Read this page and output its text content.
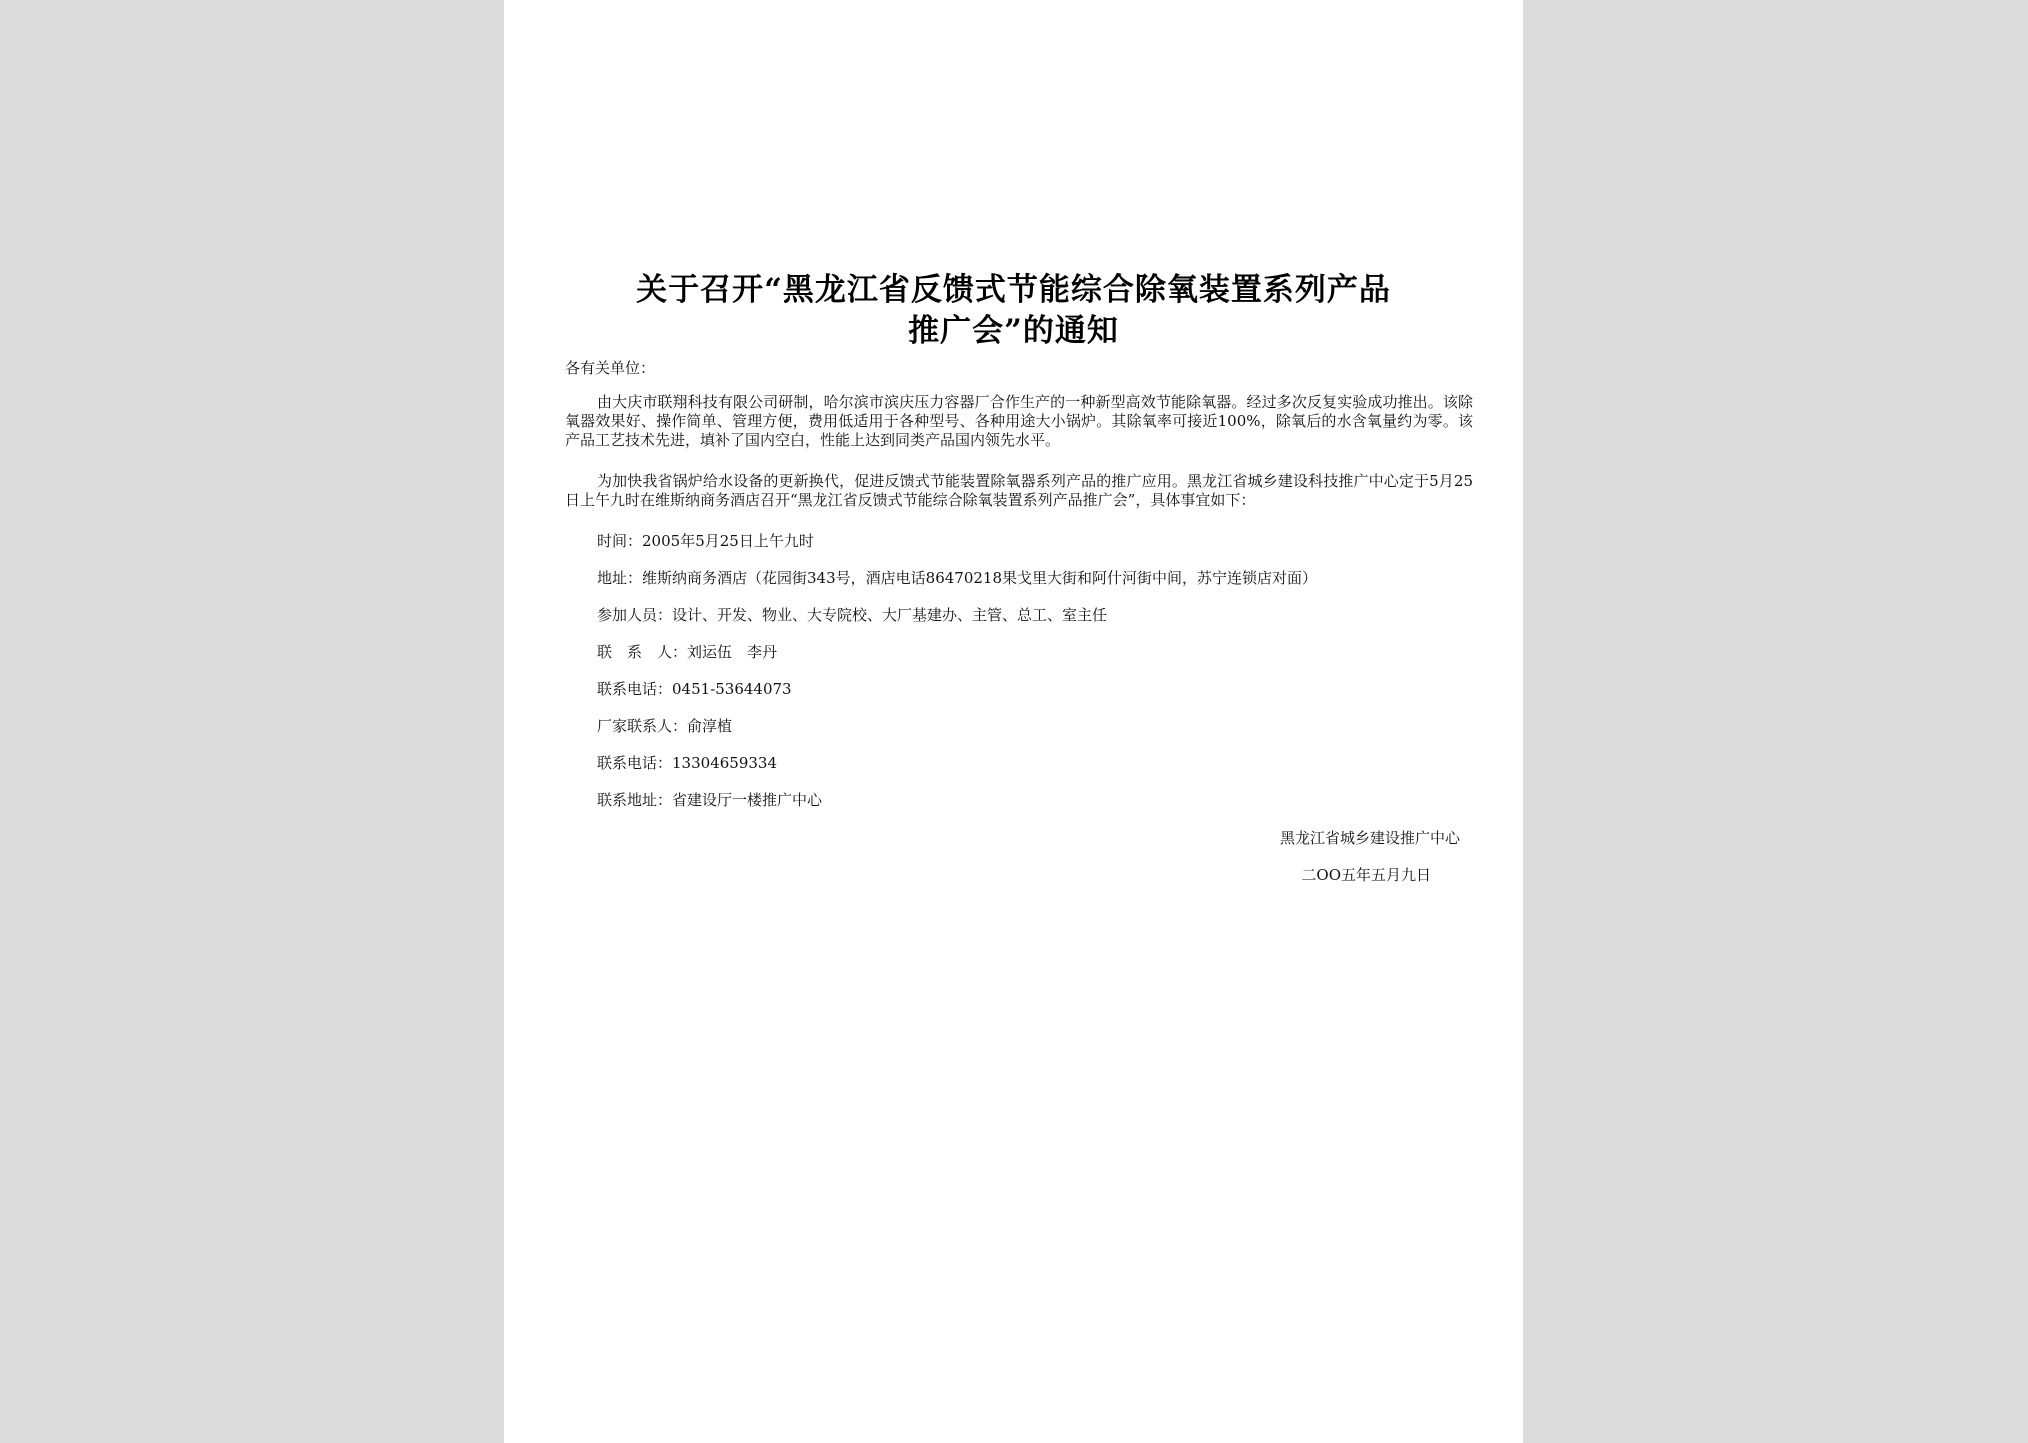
关于召开“黑龙江省反馈式节能综合除氧装置系列产品
推广会”的通知
各有关单位：
由大庆市联翔科技有限公司研制，哈尔滨市滨庆压力容器厂合作生产的一种新型高效节能除氧器。经过多次反复实验成功推出。该除氧器效果好、操作简单、管理方便，费用低适用于各种型号、各种用途大小锅炉。其除氧率可接近100%，除氧后的水含氧量约为零。该产品工艺技术先进，填补了国内空白，性能上达到同类产品国内领先水平。
为加快我省锅炉给水设备的更新换代，促进反馈式节能装置除氧器系列产品的推广应用。黑龙江省城乡建设科技推广中心定于5月25日上午九时在维斯纳商务酒店召开“黑龙江省反馈式节能综合除氧装置系列产品推广会”，具体事宜如下：
时间：2005年5月25日上午九时
地址：维斯纳商务酒店（花园街343号，酒店电话86470218果戈里大街和阿什河街中间，苏宁连锁店对面）
参加人员：设计、开发、物业、大专院校、大厂基建办、主管、总工、室主任
联　系　人：刘运伍　李丹
联系电话：0451-53644073
厂家联系人：俞淳植
联系电话：13304659334
联系地址：省建设厅一楼推广中心
黑龙江省城乡建设推广中心
二OO五年五月九日
